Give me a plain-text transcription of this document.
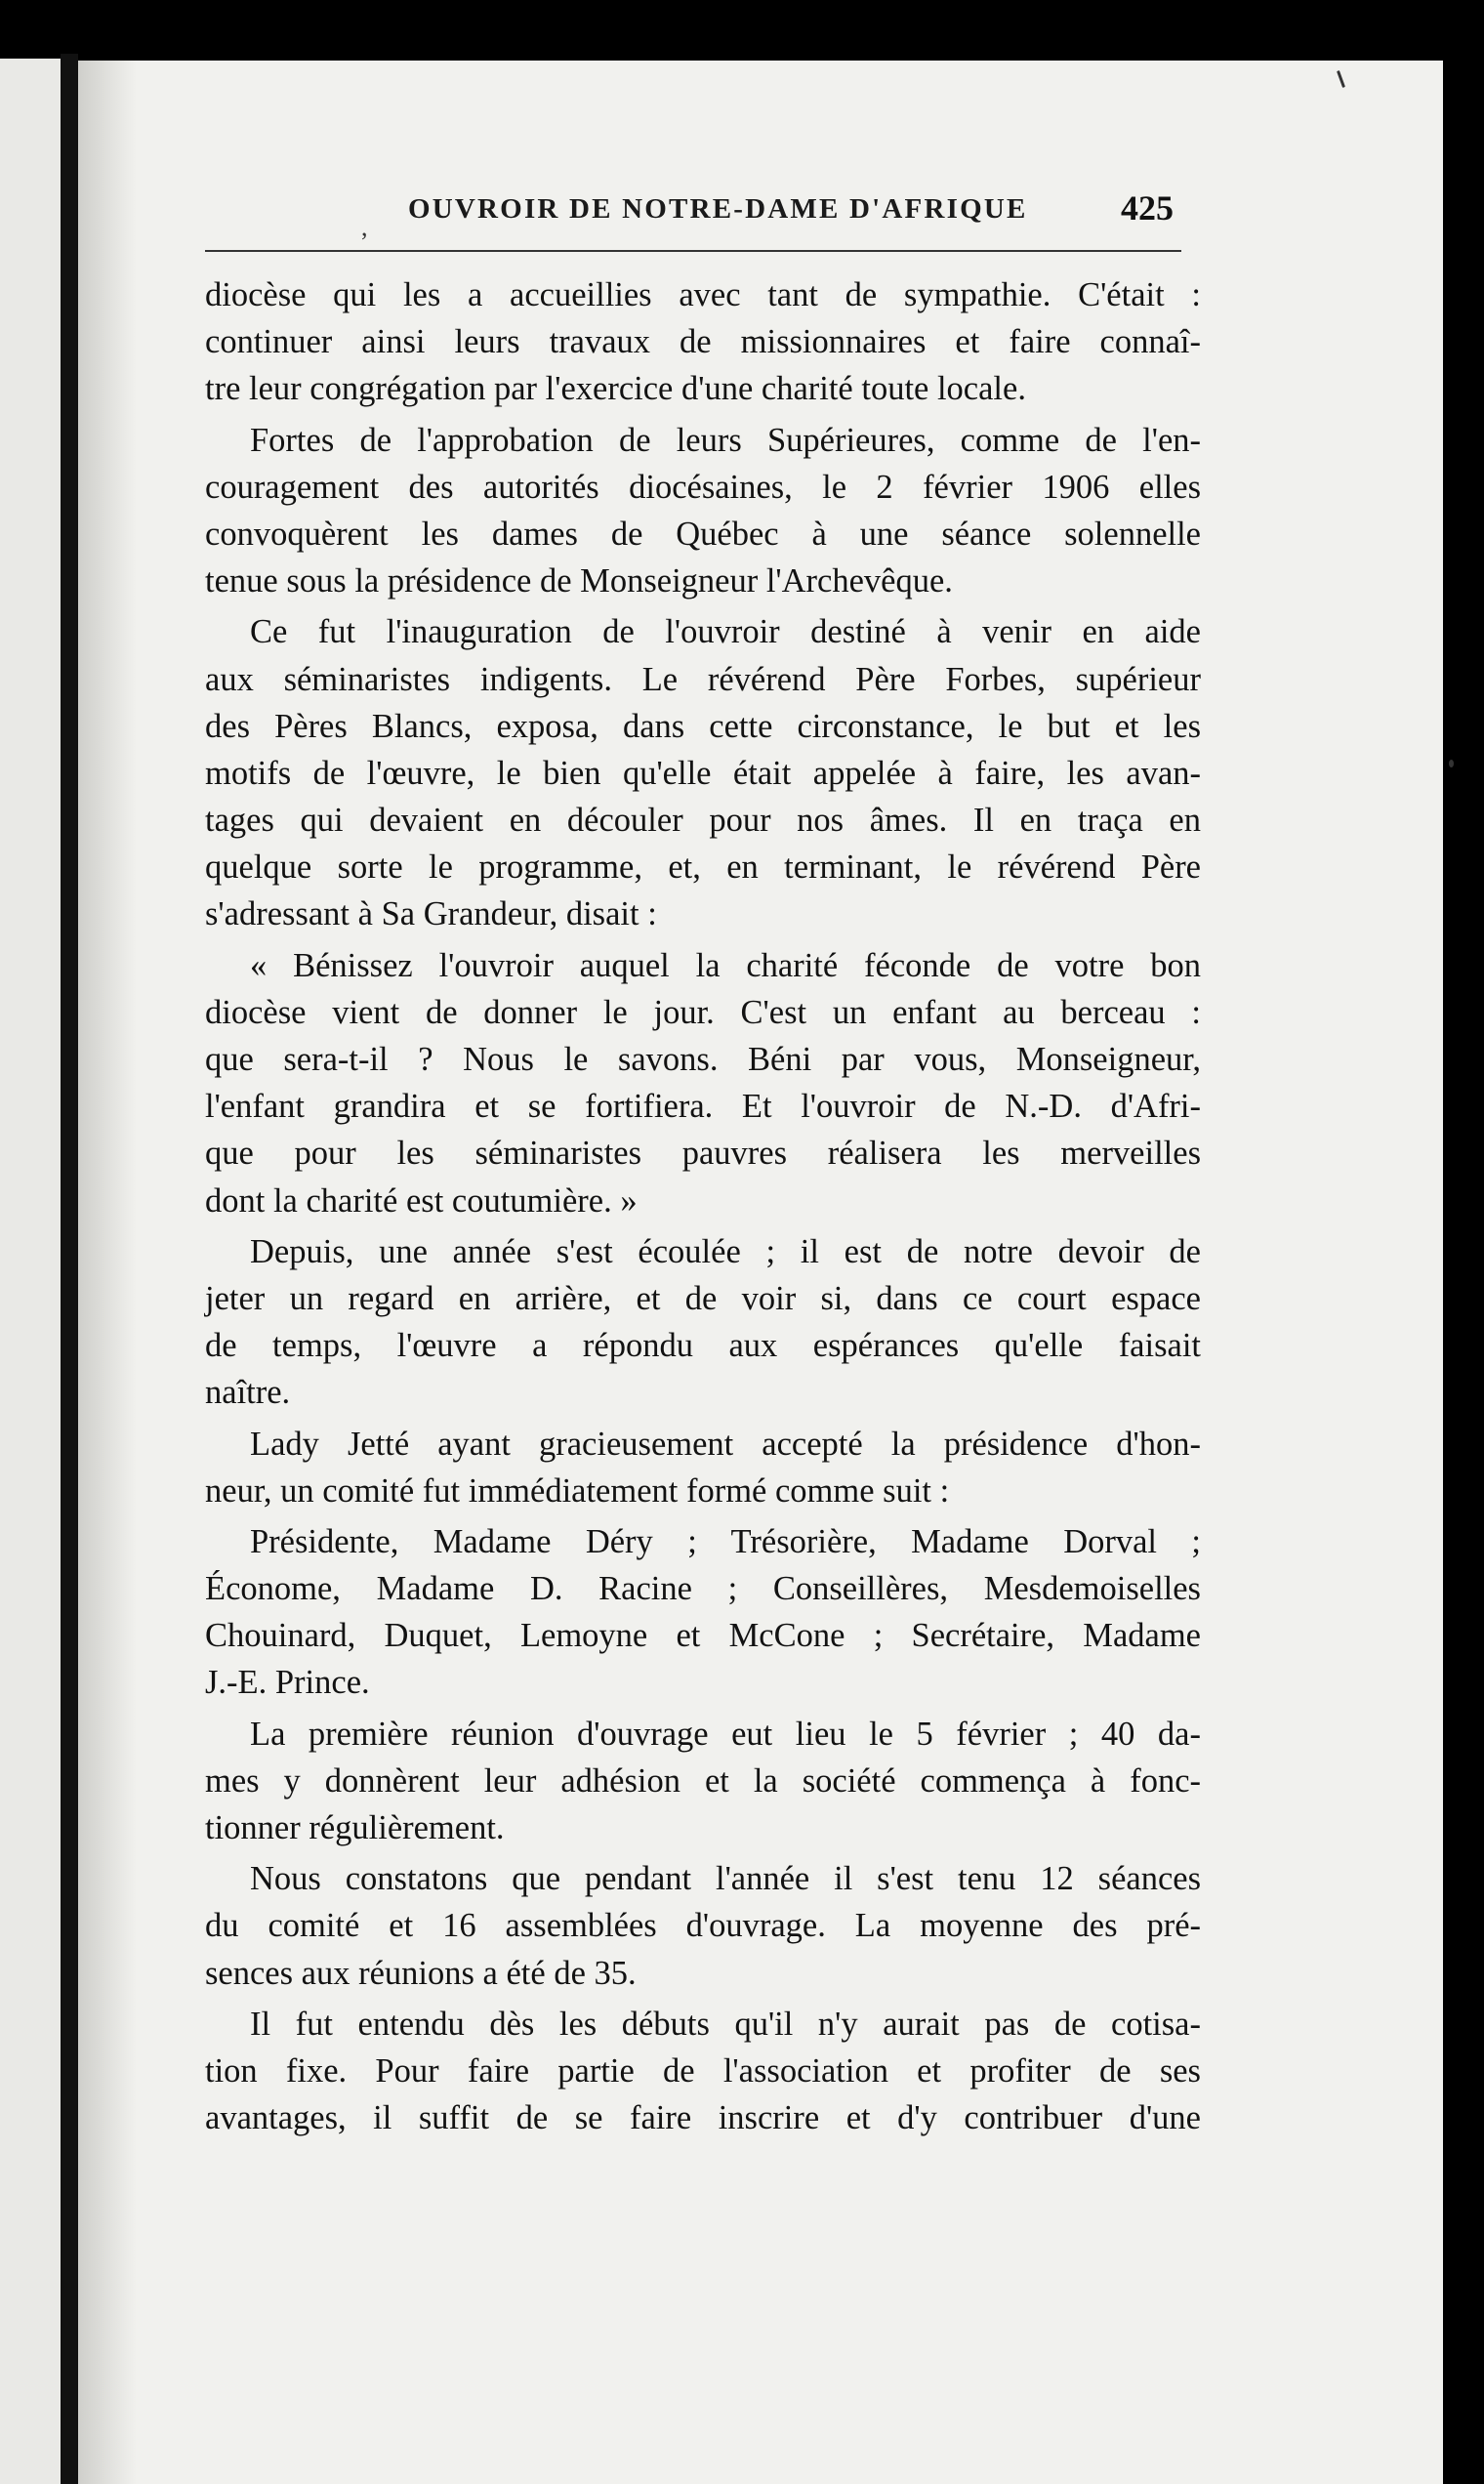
,
OUVROIR DE NOTRE-DAME D'AFRIQUE	425
diocèse qui les a accueillies avec tant de sympathie. C'était :
continuer ainsi leurs travaux de missionnaires et faire connaî-
tre leur congrégation par l'exercice d'une charité toute locale.
Fortes de l'approbation de leurs Supérieures, comme de l'en-
couragement des autorités diocésaines, le 2 février 1906 elles
convoquèrent les dames de Québec à une séance solennelle
tenue sous la présidence de Monseigneur l'Archevêque.
Ce fut l'inauguration de l'ouvroir destiné à venir en aide
aux séminaristes indigents. Le révérend Père Forbes, supérieur
des Pères Blancs, exposa, dans cette circonstance, le but et les
motifs de l'œuvre, le bien qu'elle était appelée à faire, les avan-
tages qui devaient en découler pour nos âmes. Il en traça en
quelque sorte le programme, et, en terminant, le révérend Père
s'adressant à Sa Grandeur, disait :
« Bénissez l'ouvroir auquel la charité féconde de votre bon
diocèse vient de donner le jour. C'est un enfant au berceau :
que sera-t-il ? Nous le savons. Béni par vous, Monseigneur,
l'enfant grandira et se fortifiera. Et l'ouvroir de N.-D. d'Afri-
que pour les séminaristes pauvres réalisera les merveilles
dont la charité est coutumière. »
Depuis, une année s'est écoulée ; il est de notre devoir de
jeter un regard en arrière, et de voir si, dans ce court espace
de temps, l'œuvre a répondu aux espérances qu'elle faisait
naître.
Lady Jetté ayant gracieusement accepté la présidence d'hon-
neur, un comité fut immédiatement formé comme suit :
Présidente, Madame Déry ; Trésorière, Madame Dorval ;
Économe, Madame D. Racine ; Conseillères, Mesdemoiselles
Chouinard, Duquet, Lemoyne et McCone ; Secrétaire, Madame
J.-E. Prince.
La première réunion d'ouvrage eut lieu le 5 février ; 40 da-
mes y donnèrent leur adhésion et la société commença à fonc-
tionner régulièrement.
Nous constatons que pendant l'année il s'est tenu 12 séances
du comité et 16 assemblées d'ouvrage. La moyenne des pré-
sences aux réunions a été de 35.
Il fut entendu dès les débuts qu'il n'y aurait pas de cotisa-
tion fixe. Pour faire partie de l'association et profiter de ses
avantages, il suffit de se faire inscrire et d'y contribuer d'une
